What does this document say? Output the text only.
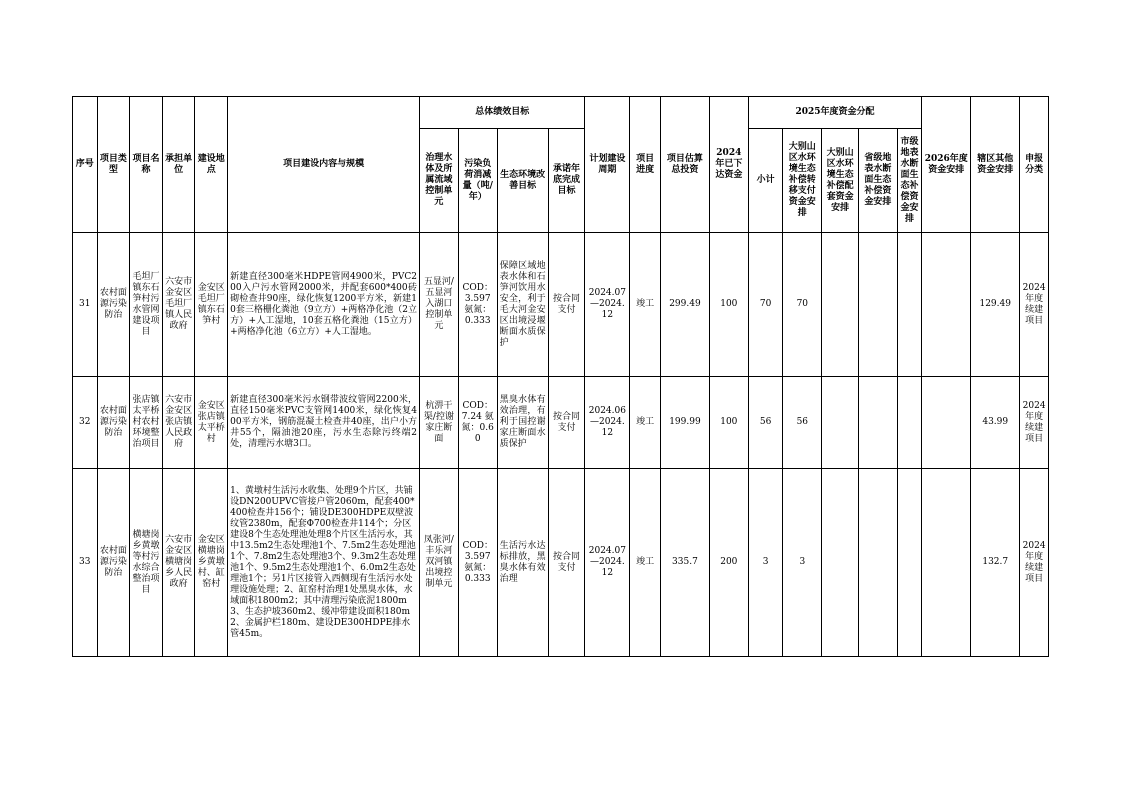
序号	项目类型	项目名称	承担单位	建设地点	项目建设内容与规模	总体绩效目标				计划建设周期	项目进度	项目估算总投资	2024年已下达资金	2025年度资金分配					2026年度资金安排	辖区其他资金安排	申报分类
						治理水体及所属流域控制单元	污染负荷消减量（吨/年）	生态环境改善目标	承诺年底完成目标					小计	大别山区水环境生态补偿转移支付资金安排	大别山区水环境生态补偿配套资金安排	省级地表水断面生态补偿资金安排	市级地表水断面生态补偿资金安排			
31	农村面源污染防治	毛坦厂镇东石笋村污水管网建设项目	六安市金安区毛坦厂镇人民政府	金安区毛坦厂镇东石笋村	新建直径300毫米HDPE管网4900米，PVC200入户污水管网2000米，并配套600*400砖砌检查井90座，绿化恢复1200平方米，新建10套三格栅化粪池（9立方）+两格净化池（2立方）+人工湿地，10套五格化粪池（15立方）+两格净化池（6立方）+人工湿地。	五显河/五显河入湖口控制单元	COD：3.597 氨氮：0.333	保障区域地表水体和石笋河饮用水安全，利于毛大河金安区出境浸堰断面水质保护	按合同支付	2024.07—2024.12	竣工	299.49	100	70	70					129.49	2024年度续建项目
32	农村面源污染防治	张店镇太平桥村农村环境整治项目	六安市金安区张店镇人民政府	金安区张店镇太平桥村	新建直径300毫米污水钢带波纹管网2200米，直径150毫米PVC支管网1400米，绿化恢复400平方米，钢筋混凝土检查井40座，出户小方井55个，隔油池20座，污水生态除污终端2处，清理污水塘3口。	杭淠干渠/控谢家庄断面	COD：7.24 氨氮：0.60	黑臭水体有效治理，有利于国控谢家庄断面水质保护	按合同支付	2024.06—2024.12	竣工	199.99	100	56	56					43.99	2024年度续建项目
33	农村面源污染防治	横塘岗乡黄墩等村污水综合整治项目	六安市金安区横塘岗乡人民政府	金安区横塘岗乡黄墩村、缸窑村	1、黄墩村生活污水收集、处理9个片区，共铺设DN200UPVC管接户管2060m，配套400*400检查井156个；铺设DE300HDPE双壁波纹管2380m，配套Φ700检查井114个；分区建设8个生态处理池处理8个片区生活污水，其中13.5m2生态处理池1个、7.5m2生态处理池1个、7.8m2生态处理池3个、9.3m2生态处理池1个、9.5m2生态处理池1个、6.0m2生态处理池1个；另1片区接管入西侧现有生活污水处理设施处理；2、缸窑村治理1处黑臭水体，水域面积1800m2；其中清理污染底泥1800m3、生态护坡360m2、缓冲带建设面积180m2、金属护栏180m、建设DE300HDPE排水管45m。	凤张河/丰乐河双河镇出境控制单元	COD：3.597 氨氮：0.333	生活污水达标排放，黑臭水体有效治理	按合同支付	2024.07—2024.12	竣工	335.7	200	3	3					132.7	2024年度续建项目
